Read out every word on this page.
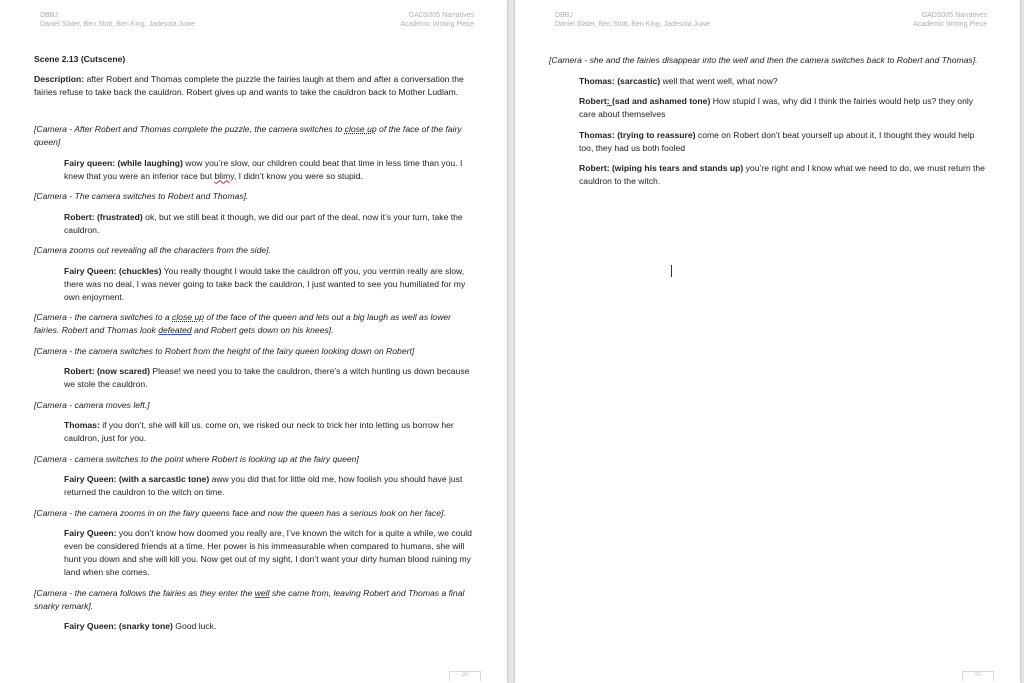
DBBJ
Daniel Slater, Ben Stott, Ben King, Jadesola Juwe
GADS005 Narratives
Academic Writing Piece
Scene 2.13 (Cutscene)
Description: after Robert and Thomas complete the puzzle the fairies laugh at them and after a conversation the fairies refuse to take back the cauldron. Robert gives up and wants to take the cauldron back to Mother Ludlam.
[Camera - After Robert and Thomas complete the puzzle, the camera switches to close up of the face of the fairy queen]
Fairy queen: (while laughing) wow you’re slow, our children could beat that time in less time than you. I knew that you were an inferior race but blimy, I didn’t know you were so stupid.
[Camera - The camera switches to Robert and Thomas].
Robert: (frustrated) ok, but we still beat it though, we did our part of the deal, now it’s your turn, take the cauldron.
[Camera zooms out revealing all the characters from the side].
Fairy Queen: (chuckles) You really thought I would take the cauldron off you, you vermin really are slow, there was no deal, I was never going to take back the cauldron, I just wanted to see you humiliated for my own enjoyment.
[Camera - the camera switches to a close up of the face of the queen and lets out a big laugh as well as lower fairies. Robert and Thomas look defeated and Robert gets down on his knees].
[Camera - the camera switches to Robert from the height of the fairy queen looking down on Robert]
Robert: (now scared) Please! we need you to take the cauldron, there’s a witch hunting us down because we stole the cauldron.
[Camera - camera moves left.]
Thomas: if you don’t, she will kill us. come on, we risked our neck to trick her into letting us borrow her cauldron, just for you.
[Camera - camera switches to the point where Robert is looking up at the fairy queen]
Fairy Queen: (with a sarcastic tone) aww you did that for little old me, how foolish you should have just returned the cauldron to the witch on time.
[Camera - the camera zooms in on the fairy queens face and now the queen has a serious look on her face].
Fairy Queen: you don’t know how doomed you really are, I’ve known the witch for a quite a while, we could even be considered friends at a time. Her power is his immeasurable when compared to humans, she will hunt you down and she will kill you. Now get out of my sight, I don’t want your dirty human blood ruining my land when she comes.
[Camera - the camera follows the fairies as they enter the well she came from, leaving Robert and Thomas a final snarky remark].
Fairy Queen: (snarky tone) Good luck.
30
DBBJ
Daniel Slater, Ben Stott, Ben King, Jadesola Juwe
GADS005 Narratives
Academic Writing Piece
[Camera - she and the fairies disappear into the well and then the camera switches back to Robert and Thomas].
Thomas: (sarcastic) well that went well, what now?
Robert: (sad and ashamed tone) How stupid I was, why did I think the fairies would help us? they only care about themselves
Thomas: (trying to reassure) come on Robert don’t beat yourself up about it, I thought they would help too, they had us both fooled
Robert: (wiping his tears and stands up) you’re right and I know what we need to do, we must return the cauldron to the witch.
31
